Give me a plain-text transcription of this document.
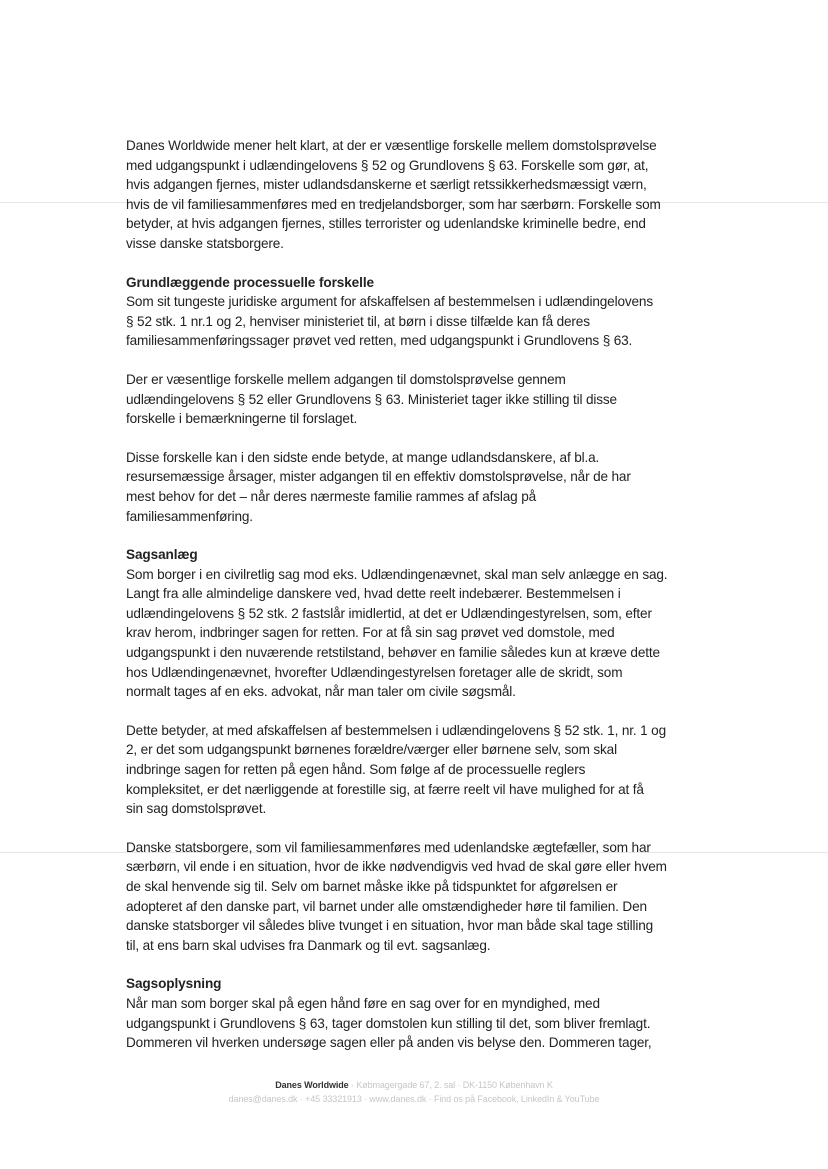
Danes Worldwide mener helt klart, at der er væsentlige forskelle mellem domstolsprøvelse
med udgangspunkt i udlændingelovens § 52 og Grundlovens § 63. Forskelle som gør, at,
hvis adgangen fjernes, mister udlandsdanskerne et særligt retssikkerhedsmæssigt værn,
hvis de vil familiesammenføres med en tredjelandsborger, som har særbørn. Forskelle som
betyder, at hvis adgangen fjernes, stilles terrorister og udenlandske kriminelle bedre, end
visse danske statsborgere.
Grundlæggende processuelle forskelle
Som sit tungeste juridiske argument for afskaffelsen af bestemmelsen i udlændingelovens
§ 52 stk. 1 nr.1 og 2, henviser ministeriet til, at børn i disse tilfælde kan få deres
familiesammenføringssager prøvet ved retten, med udgangspunkt i Grundlovens § 63.
Der er væsentlige forskelle mellem adgangen til domstolsprøvelse gennem
udlændingelovens § 52 eller Grundlovens § 63. Ministeriet tager ikke stilling til disse
forskelle i bemærkningerne til forslaget.
Disse forskelle kan i den sidste ende betyde, at mange udlandsdanskere, af bl.a.
resursemæssige årsager, mister adgangen til en effektiv domstolsprøvelse, når de har
mest behov for det – når deres nærmeste familie rammes af afslag på
familiesammenføring.
Sagsanlæg
Som borger i en civilretlig sag mod eks. Udlændingenævnet, skal man selv anlægge en sag.
Langt fra alle almindelige danskere ved, hvad dette reelt indebærer. Bestemmelsen i
udlændingelovens § 52 stk. 2 fastslår imidlertid, at det er Udlændingestyrelsen, som, efter
krav herom, indbringer sagen for retten. For at få sin sag prøvet ved domstole, med
udgangspunkt i den nuværende retstilstand, behøver en familie således kun at kræve dette
hos Udlændingenævnet, hvorefter Udlændingestyrelsen foretager alle de skridt, som
normalt tages af en eks. advokat, når man taler om civile søgsmål.
Dette betyder, at med afskaffelsen af bestemmelsen i udlændingelovens § 52 stk. 1, nr. 1 og
2, er det som udgangspunkt børnenes forældre/værger eller børnene selv, som skal
indbringe sagen for retten på egen hånd. Som følge af de processuelle reglers
kompleksitet, er det nærliggende at forestille sig, at færre reelt vil have mulighed for at få
sin sag domstolsprøvet.
Danske statsborgere, som vil familiesammenføres med udenlandske ægtefæller, som har
særbørn, vil ende i en situation, hvor de ikke nødvendigvis ved hvad de skal gøre eller hvem
de skal henvende sig til. Selv om barnet måske ikke på tidspunktet for afgørelsen er
adopteret af den danske part, vil barnet under alle omstændigheder høre til familien. Den
danske statsborger vil således blive tvunget i en situation, hvor man både skal tage stilling
til, at ens barn skal udvises fra Danmark og til evt. sagsanlæg.
Sagsoplysning
Når man som borger skal på egen hånd føre en sag over for en myndighed, med
udgangspunkt i Grundlovens § 63, tager domstolen kun stilling til det, som bliver fremlagt.
Dommeren vil hverken undersøge sagen eller på anden vis belyse den. Dommeren tager,
Danes Worldwide · Købmagergade 67, 2. sal · DK-1150 København K
danes@danes.dk · +45 33321913 · www.danes.dk · Find os på Facebook, LinkedIn & YouTube
